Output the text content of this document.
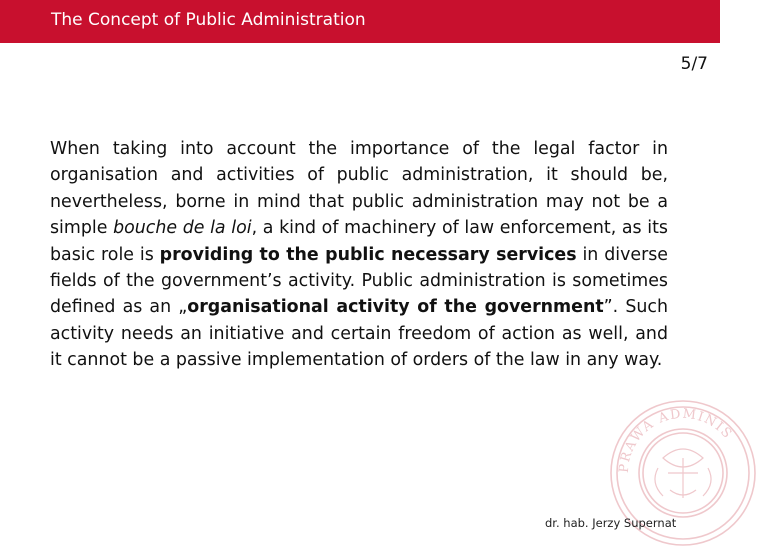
The Concept of Public Administration
5/7

When taking into account the importance of the legal factor in organisation and activities of public administration, it should be, nevertheless, borne in mind that public administration may not be a simple bouche de la loi, a kind of machinery of law enforcement, as its basic role is providing to the public necessary services in diverse fields of the government’s activity. Public administration is sometimes defined as an „organisational activity of the government”. Such activity needs an initiative and certain freedom of action as well, and it cannot be a passive implementation of orders of the law in any way.

PRAWA ADMINIS
dr. hab. Jerzy Supernat
